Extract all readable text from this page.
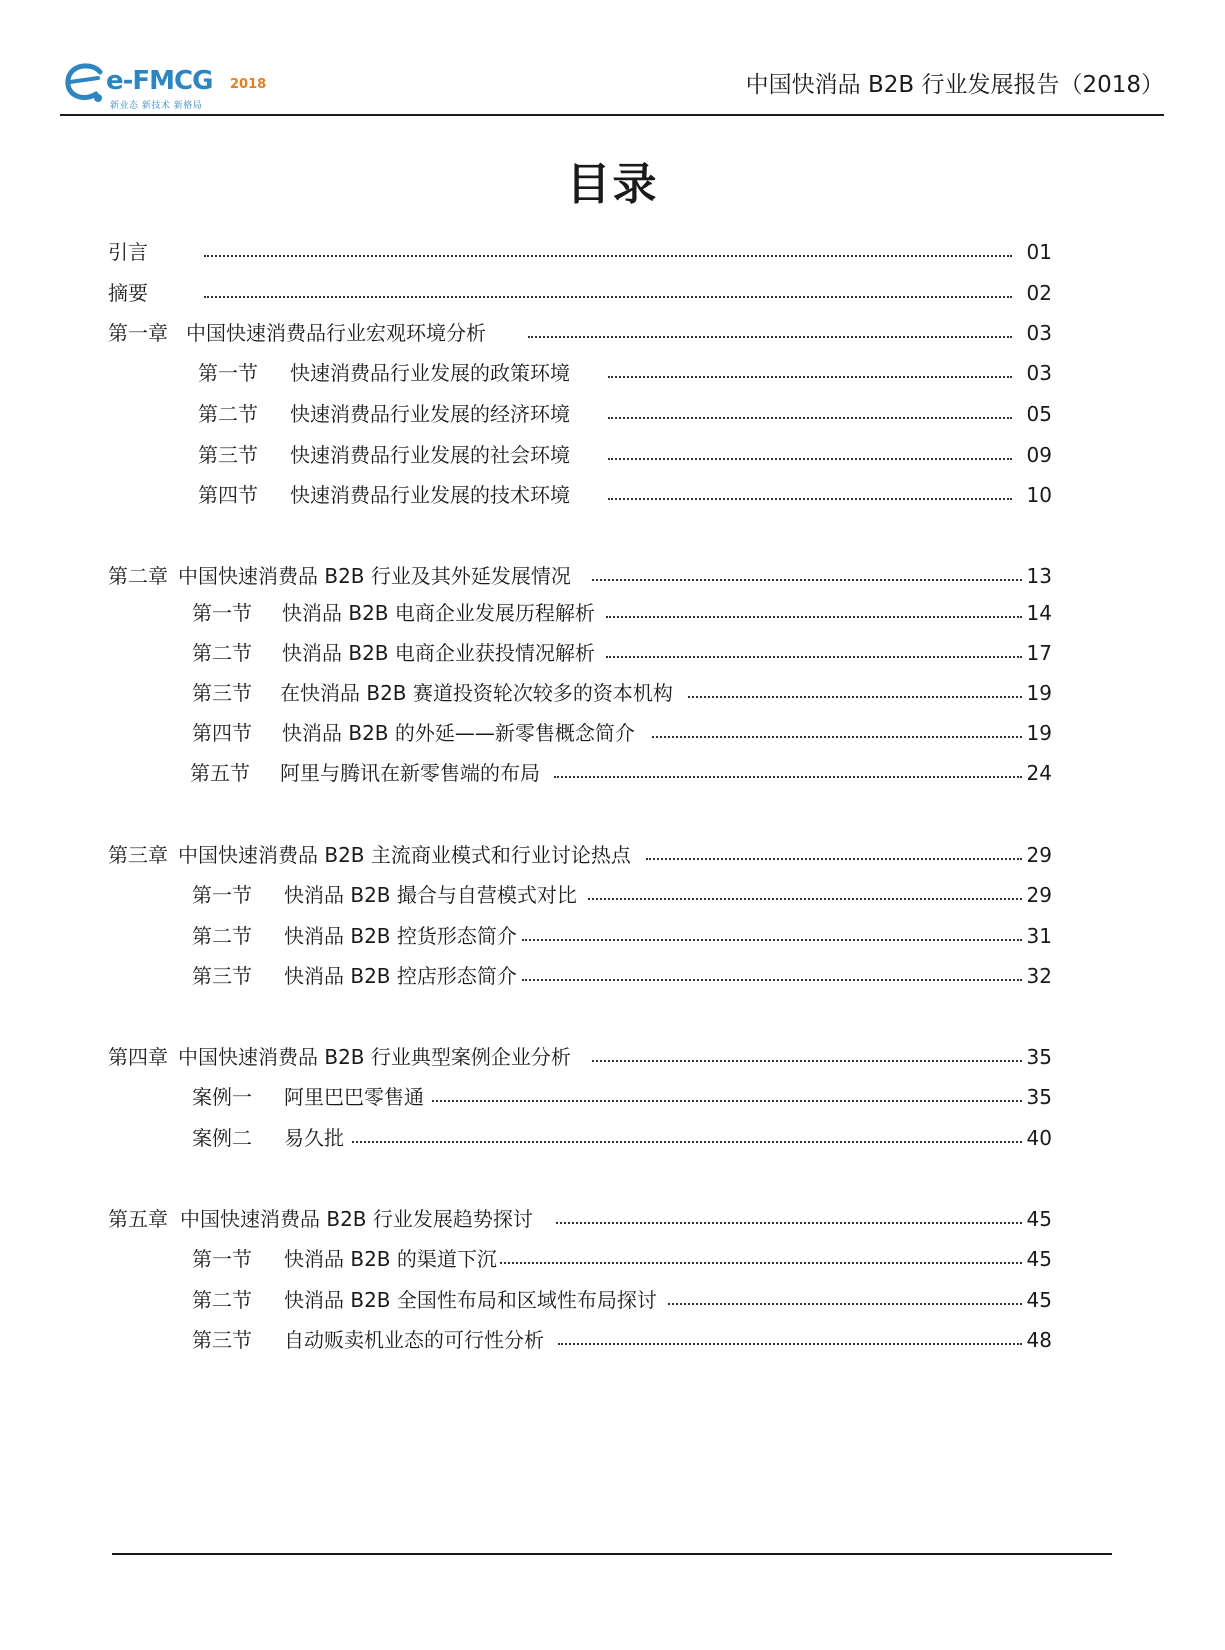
e-FMCG 2018
新业态 新技术 新格局
中国快消品 B2B 行业发展报告（2018）
目录
引言	01
摘要	02
第一章 中国快速消费品行业宏观环境分析	03
第一节 快速消费品行业发展的政策环境	03
第二节 快速消费品行业发展的经济环境	05
第三节 快速消费品行业发展的社会环境	09
第四节 快速消费品行业发展的技术环境	10
第二章 中国快速消费品 B2B 行业及其外延发展情况	13
第一节 快消品 B2B 电商企业发展历程解析	14
第二节 快消品 B2B 电商企业获投情况解析	17
第三节 在快消品 B2B 赛道投资轮次较多的资本机构	19
第四节 快消品 B2B 的外延——新零售概念简介	19
第五节 阿里与腾讯在新零售端的布局	24
第三章 中国快速消费品 B2B 主流商业模式和行业讨论热点	29
第一节 快消品 B2B 撮合与自营模式对比	29
第二节 快消品 B2B 控货形态简介	31
第三节 快消品 B2B 控店形态简介	32
第四章 中国快速消费品 B2B 行业典型案例企业分析	35
案例一 阿里巴巴零售通	35
案例二 易久批	40
第五章 中国快速消费品 B2B 行业发展趋势探讨	45
第一节 快消品 B2B 的渠道下沉	45
第二节 快消品 B2B 全国性布局和区域性布局探讨	45
第三节 自动贩卖机业态的可行性分析	48
